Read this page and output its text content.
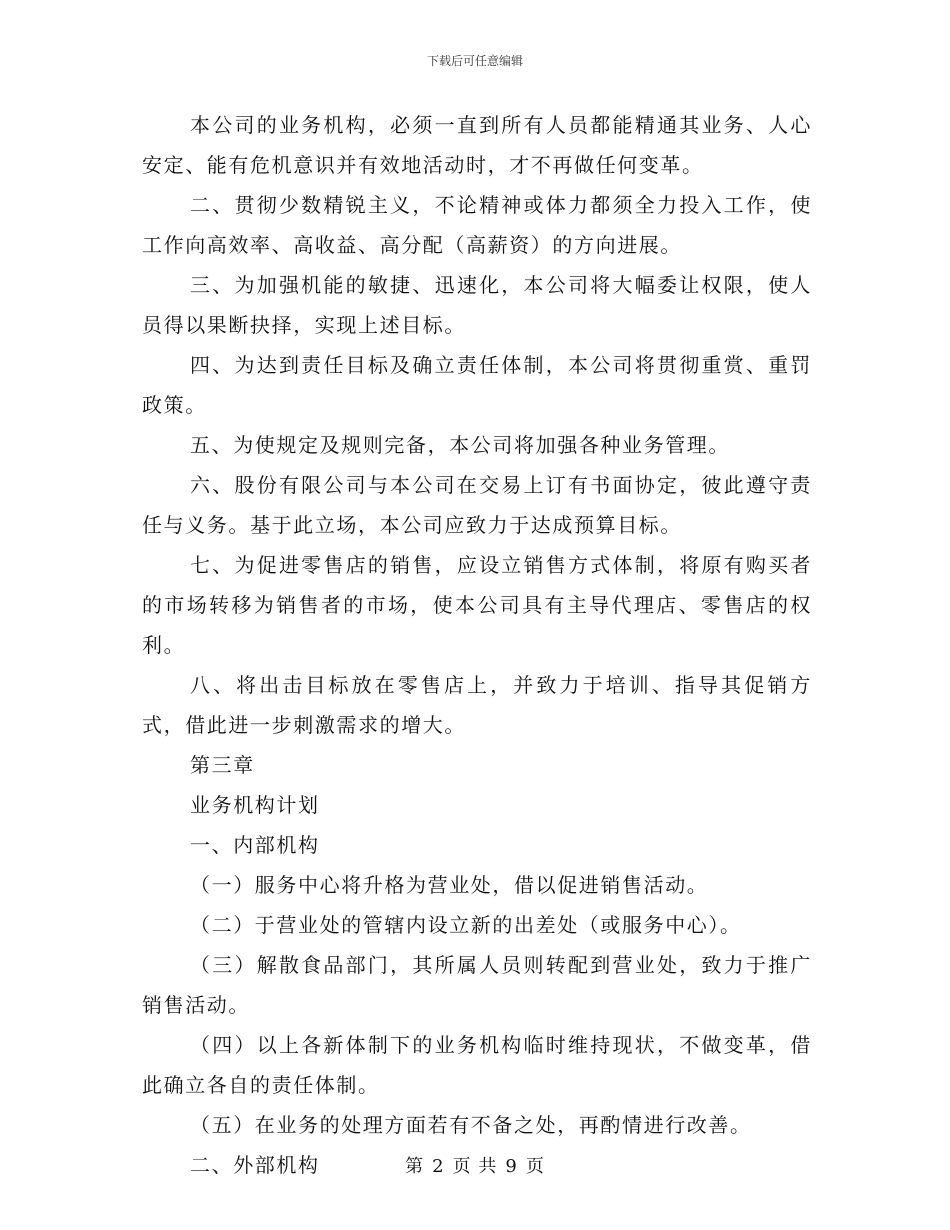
下载后可任意编辑

本公司的业务机构，必须一直到所有人员都能精通其业务、人心安定、能有危机意识并有效地活动时，才不再做任何变革。

二、贯彻少数精锐主义，不论精神或体力都须全力投入工作，使工作向高效率、高收益、高分配（高薪资）的方向进展。

三、为加强机能的敏捷、迅速化，本公司将大幅委让权限，使人员得以果断抉择，实现上述目标。

四、为达到责任目标及确立责任体制，本公司将贯彻重赏、重罚政策。

五、为使规定及规则完备，本公司将加强各种业务管理。

六、股份有限公司与本公司在交易上订有书面协定，彼此遵守责任与义务。基于此立场，本公司应致力于达成预算目标。

七、为促进零售店的销售，应设立销售方式体制，将原有购买者的市场转移为销售者的市场，使本公司具有主导代理店、零售店的权利。

八、将出击目标放在零售店上，并致力于培训、指导其促销方式，借此进一步刺激需求的增大。

第三章

业务机构计划

一、内部机构

（一）服务中心将升格为营业处，借以促进销售活动。

（二）于营业处的管辖内设立新的出差处（或服务中心）。

（三）解散食品部门，其所属人员则转配到营业处，致力于推广销售活动。

（四）以上各新体制下的业务机构临时维持现状，不做变革，借此确立各自的责任体制。

（五）在业务的处理方面若有不备之处，再酌情进行改善。

二、外部机构	第 2 页 共 9 页
